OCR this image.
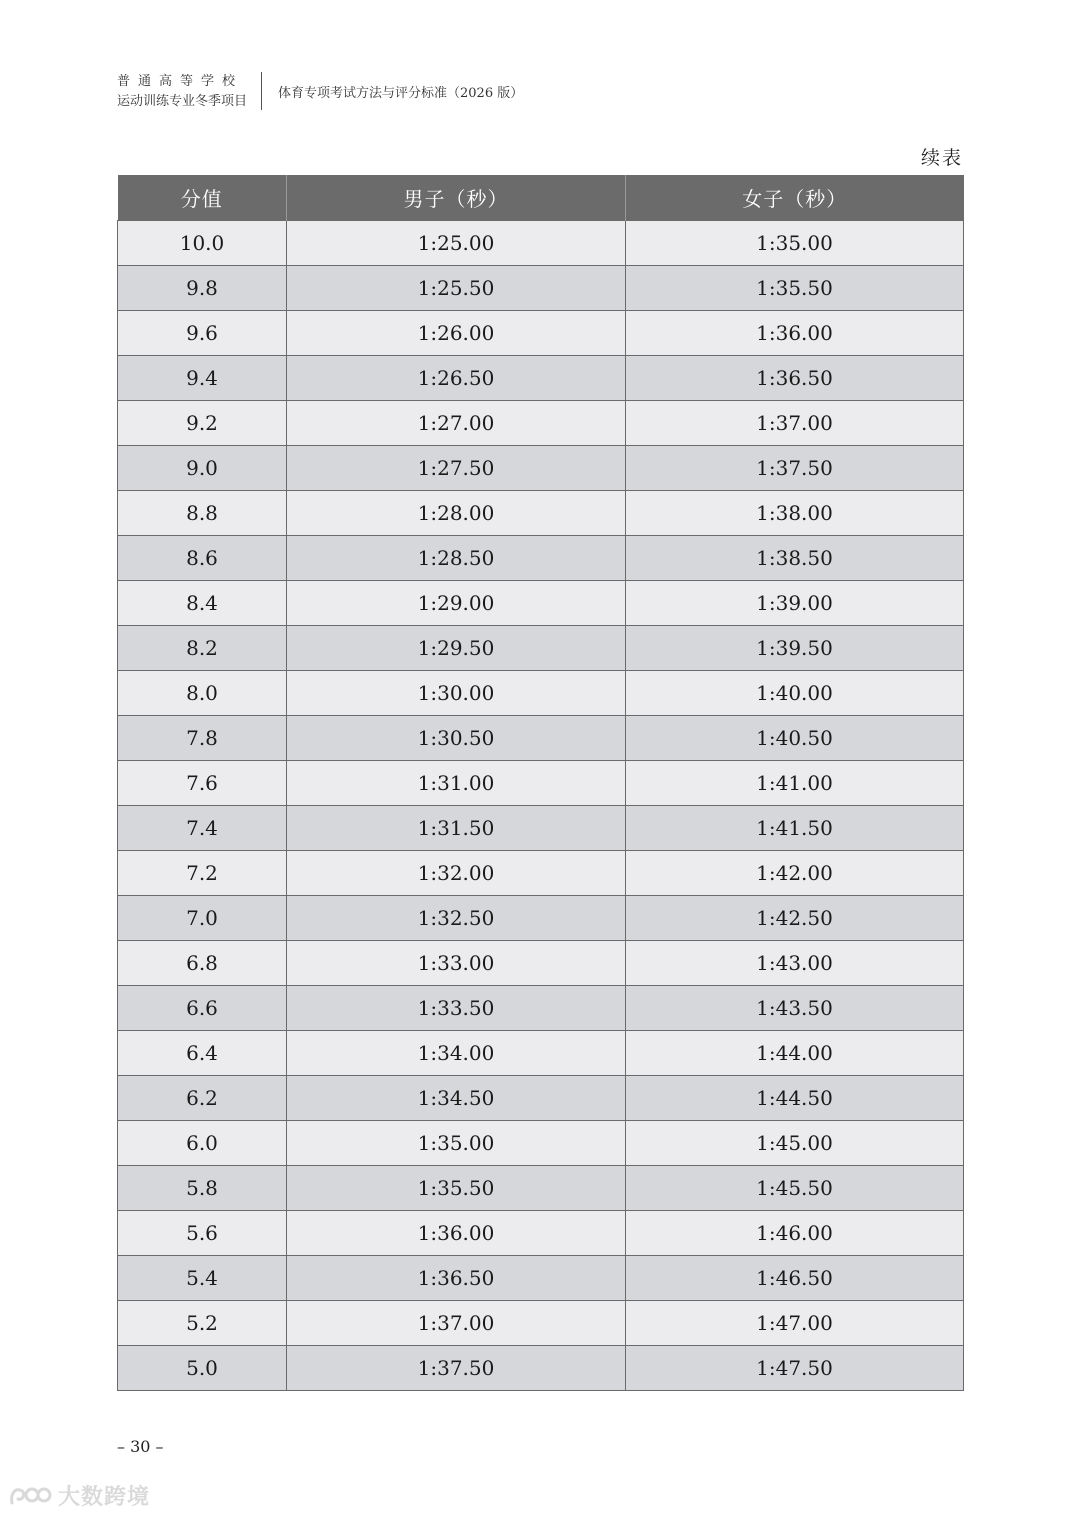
普通高等学校
运动训练专业冬季项目
体育专项考试方法与评分标准（2026 版）
续表
分值	男子（秒）	女子（秒）
10.0	1:25.00	1:35.00
9.8	1:25.50	1:35.50
9.6	1:26.00	1:36.00
9.4	1:26.50	1:36.50
9.2	1:27.00	1:37.00
9.0	1:27.50	1:37.50
8.8	1:28.00	1:38.00
8.6	1:28.50	1:38.50
8.4	1:29.00	1:39.00
8.2	1:29.50	1:39.50
8.0	1:30.00	1:40.00
7.8	1:30.50	1:40.50
7.6	1:31.00	1:41.00
7.4	1:31.50	1:41.50
7.2	1:32.00	1:42.00
7.0	1:32.50	1:42.50
6.8	1:33.00	1:43.00
6.6	1:33.50	1:43.50
6.4	1:34.00	1:44.00
6.2	1:34.50	1:44.50
6.0	1:35.00	1:45.00
5.8	1:35.50	1:45.50
5.6	1:36.00	1:46.00
5.4	1:36.50	1:46.50
5.2	1:37.00	1:47.00
5.0	1:37.50	1:47.50
– 30 –
大数跨境
